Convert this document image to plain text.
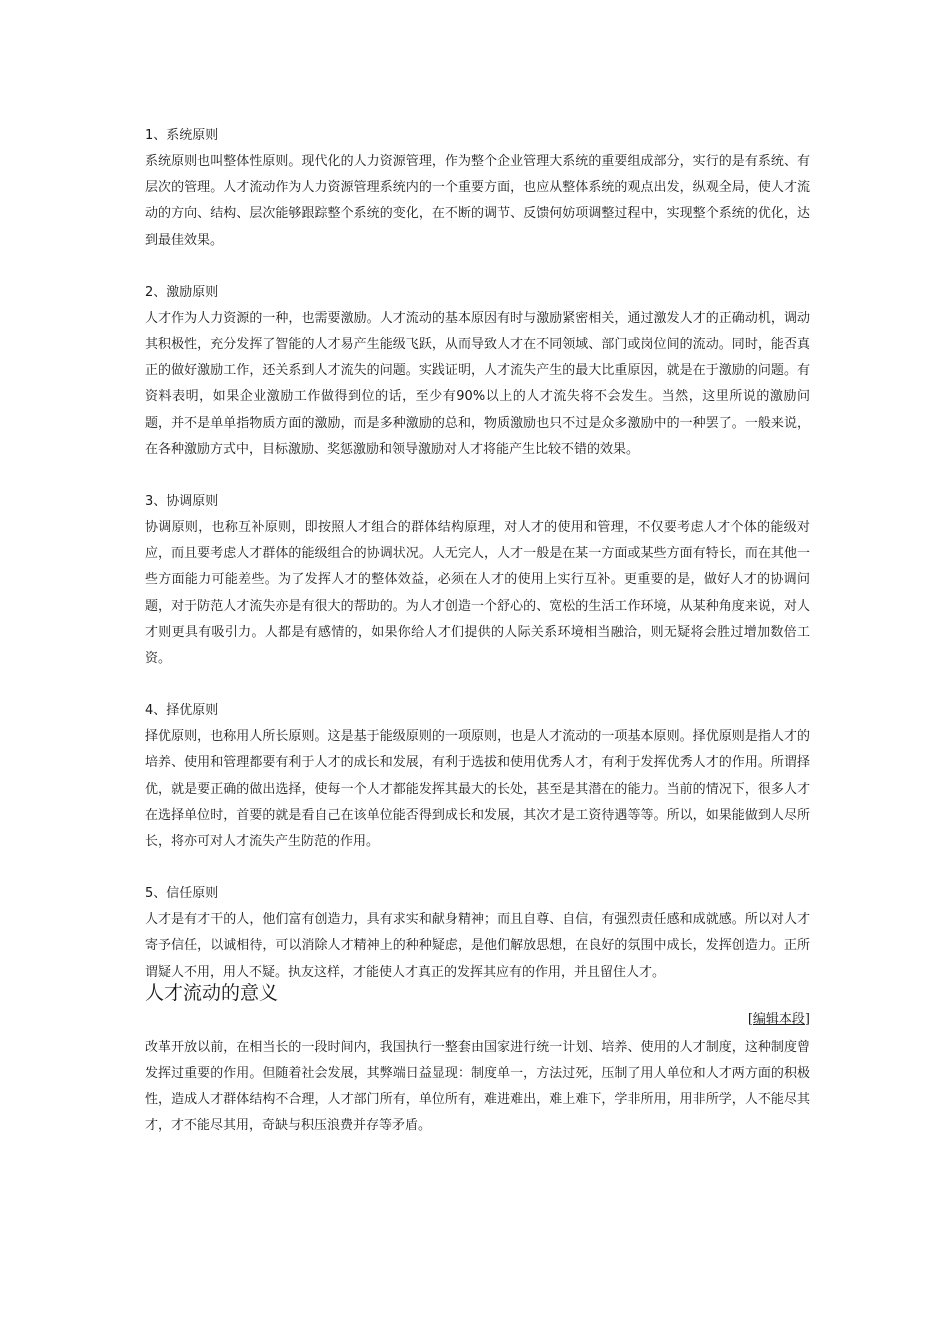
1、系统原则

系统原则也叫整体性原则。现代化的人力资源管理，作为整个企业管理大系统的重要组成部分，实行的是有系统、有层次的管理。人才流动作为人力资源管理系统内的一个重要方面，也应从整体系统的观点出发，纵观全局，使人才流动的方向、结构、层次能够跟踪整个系统的变化，在不断的调节、反馈何妨项调整过程中，实现整个系统的优化，达到最佳效果。

2、激励原则

人才作为人力资源的一种，也需要激励。人才流动的基本原因有时与激励紧密相关，通过激发人才的正确动机，调动其积极性，充分发挥了智能的人才易产生能级飞跃，从而导致人才在不同领域、部门或岗位间的流动。同时，能否真正的做好激励工作，还关系到人才流失的问题。实践证明，人才流失产生的最大比重原因，就是在于激励的问题。有资料表明，如果企业激励工作做得到位的话，至少有90%以上的人才流失将不会发生。当然，这里所说的激励问题，并不是单单指物质方面的激励，而是多种激励的总和，物质激励也只不过是众多激励中的一种罢了。一般来说，在各种激励方式中，目标激励、奖惩激励和领导激励对人才将能产生比较不错的效果。

3、协调原则

协调原则，也称互补原则，即按照人才组合的群体结构原理，对人才的使用和管理，不仅要考虑人才个体的能级对应，而且要考虑人才群体的能级组合的协调状况。人无完人，人才一般是在某一方面或某些方面有特长，而在其他一些方面能力可能差些。为了发挥人才的整体效益，必须在人才的使用上实行互补。更重要的是，做好人才的协调问题，对于防范人才流失亦是有很大的帮助的。为人才创造一个舒心的、宽松的生活工作环境，从某种角度来说，对人才则更具有吸引力。人都是有感情的，如果你给人才们提供的人际关系环境相当融洽，则无疑将会胜过增加数倍工资。

4、择优原则

择优原则，也称用人所长原则。这是基于能级原则的一项原则，也是人才流动的一项基本原则。择优原则是指人才的培养、使用和管理都要有利于人才的成长和发展，有利于选拔和使用优秀人才，有利于发挥优秀人才的作用。所谓择优，就是要正确的做出选择，使每一个人才都能发挥其最大的长处，甚至是其潜在的能力。当前的情况下，很多人才在选择单位时，首要的就是看自己在该单位能否得到成长和发展，其次才是工资待遇等等。所以，如果能做到人尽所长，将亦可对人才流失产生防范的作用。

5、信任原则

人才是有才干的人，他们富有创造力，具有求实和献身精神；而且自尊、自信，有强烈责任感和成就感。所以对人才寄予信任，以诚相待，可以消除人才精神上的种种疑虑，是他们解放思想，在良好的氛围中成长，发挥创造力。正所谓疑人不用，用人不疑。执友这样，才能使人才真正的发挥其应有的作用，并且留住人才。

人才流动的意义
[编辑本段]

改革开放以前，在相当长的一段时间内，我国执行一整套由国家进行统一计划、培养、使用的人才制度，这种制度曾发挥过重要的作用。但随着社会发展，其弊端日益显现：制度单一，方法过死，压制了用人单位和人才两方面的积极性，造成人才群体结构不合理，人才部门所有，单位所有，难进难出，难上难下，学非所用，用非所学，人不能尽其才，才不能尽其用，奇缺与积压浪费并存等矛盾。
